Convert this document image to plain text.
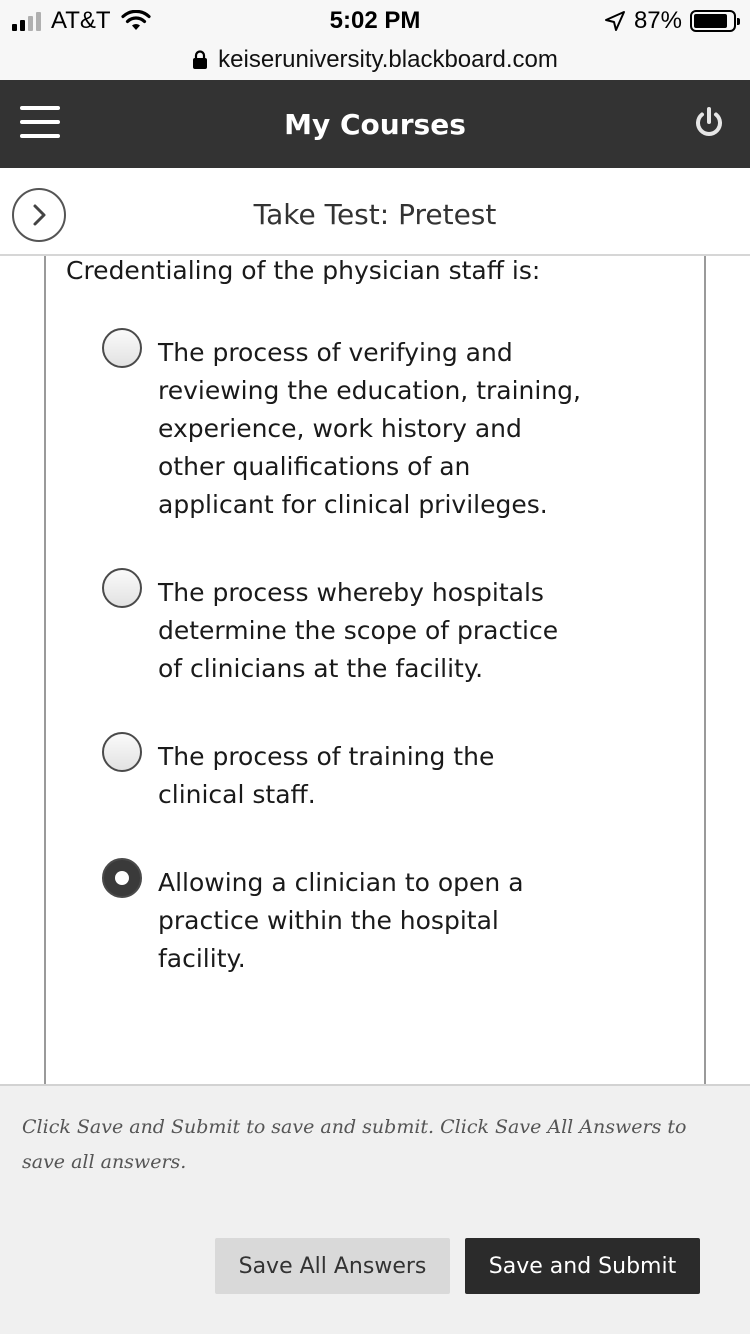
AT&T	5:02 PM	87%
keiseruniversity.blackboard.com
My Courses
Take Test: Pretest
Credentialing of the physician staff is:
The process of verifying and reviewing the education, training, experience, work history and other qualifications of an applicant for clinical privileges.
The process whereby hospitals determine the scope of practice of clinicians at the facility.
The process of training the clinical staff.
Allowing a clinician to open a practice within the hospital facility.
Click Save and Submit to save and submit. Click Save All Answers to save all answers.
Save All Answers	Save and Submit
